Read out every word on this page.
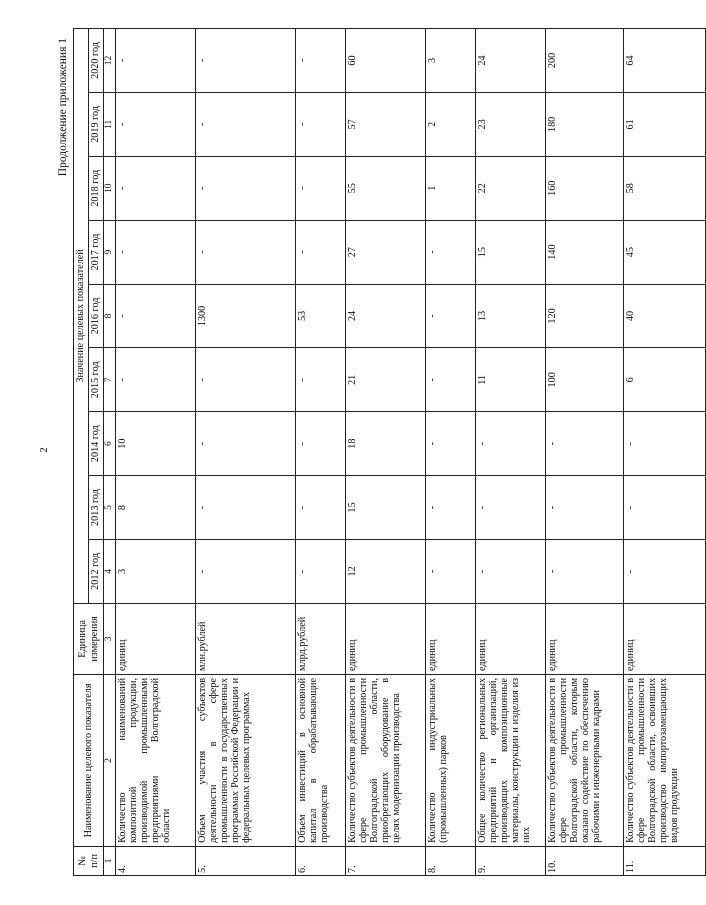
2
Продолжение приложения 1
№
п/п	Наименование целевого показателя	Единица измерения	Значение целевых показателей								
			2012 год	2013 год	2014 год	2015 год	2016 год	2017 год	2018 год	2019 год	2020 год
1	2	3	4	5	6	7	8	9	10	11	12
4.	Количество наименований композитной продукции, производимой промышленными предприятиями Волгоградской области	единиц	3	8	10	-	-	-	-	-	-
5.	Объем участия субъектов деятельности в сфере промышленности в государственных программах Российской Федерации и федеральных целевых программах	млн.рублей	-	-	-	-	1300	-	-	-	-
6.	Объем инвестиций в основной капитал в обрабатывающие производства	млрд.рублей	-	-	-	-	53	-	-	-	-
7.	Количество субъектов деятельности в сфере промышленности Волгоградской области, приобретающих оборудование в целях модернизации производства	единиц	12	15	18	21	24	27	55	57	60
8.	Количество индустриальных (промышленных) парков	единиц	-	-	-	-	-	-	1	2	3
9.	Общее количество региональных предприятий и организаций, производящих композиционные материалы, конструкции и изделия из них	единиц	-	-	-	11	13	15	22	23	24
10.	Количество субъектов деятельности в сфере промышленности Волгоградской области, которым оказано содействие по обеспечению рабочими и инженерными кадрами	единиц	-	-	-	100	120	140	160	180	200
11.	Количество субъектов деятельности в сфере промышленности Волгоградской области, освоивших производство импортозамещающих видов продукции	единиц	-	-	-	6	40	45	58	61	64
